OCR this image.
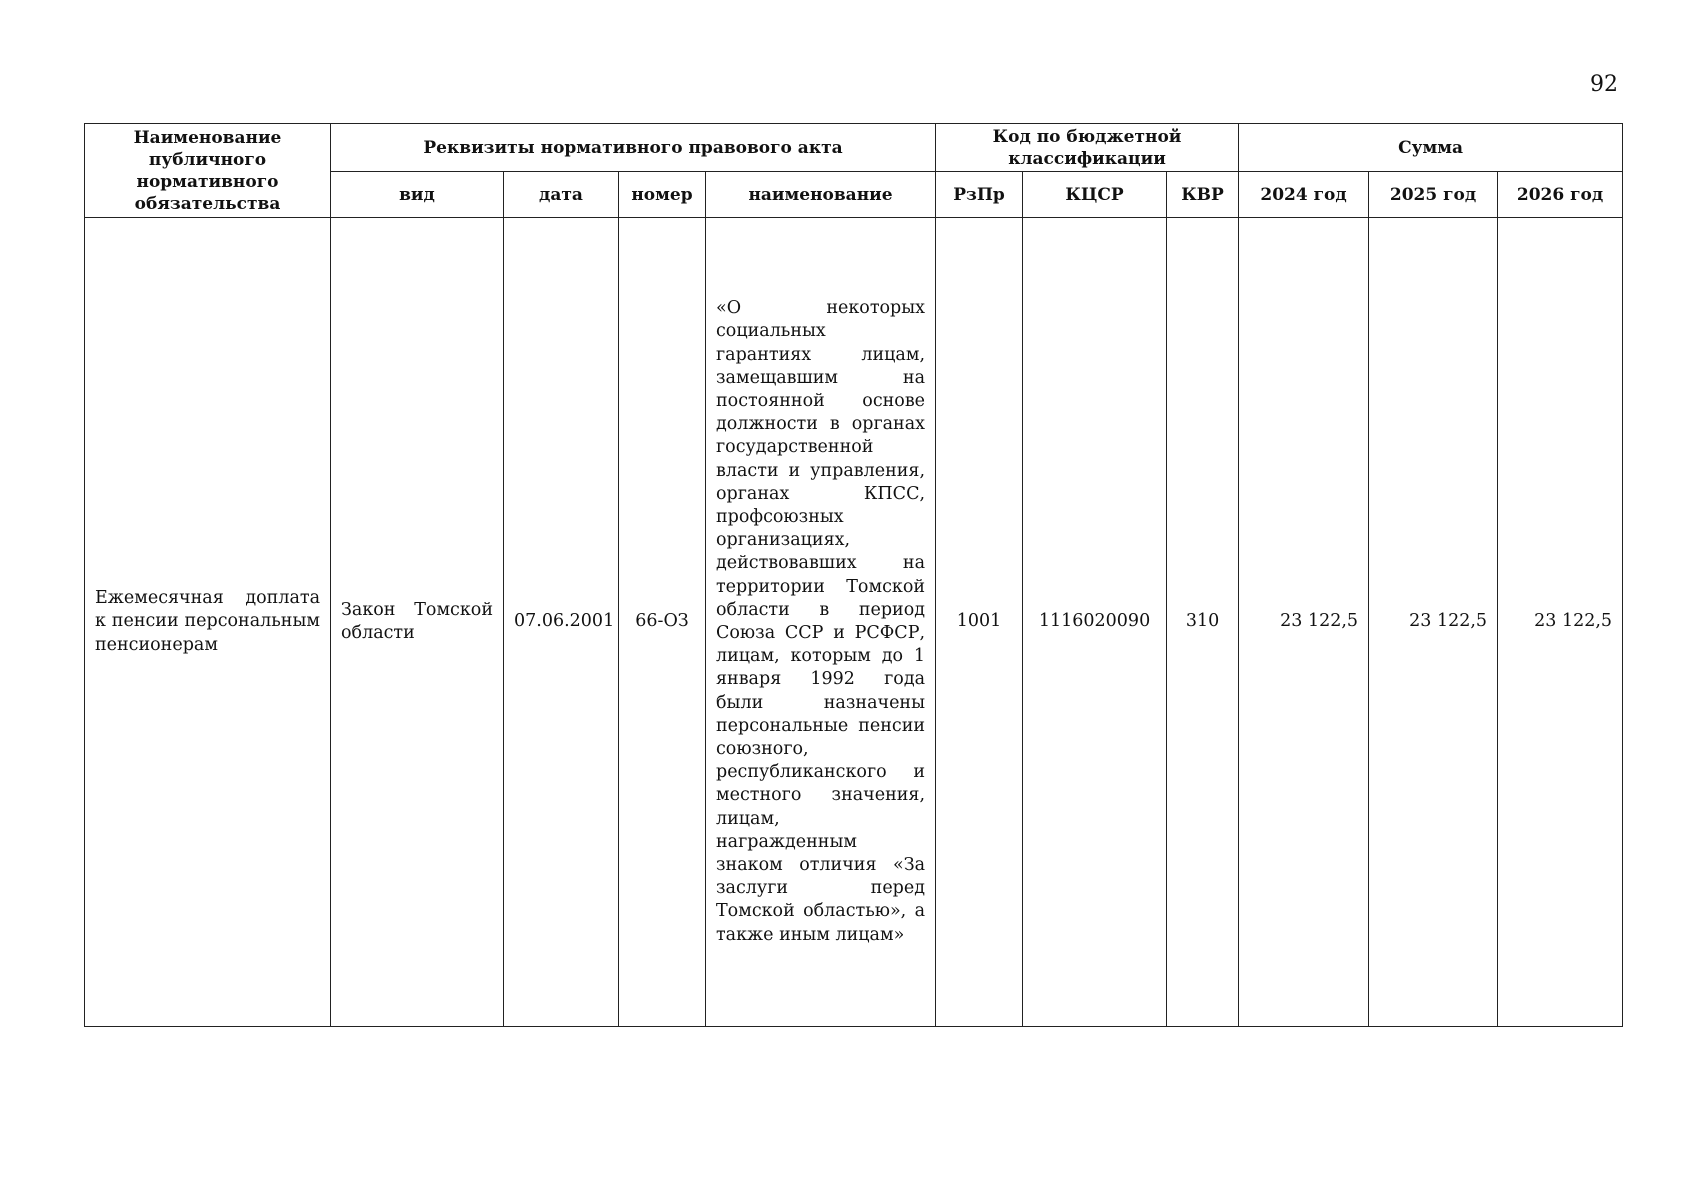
92
Наименование публичного нормативного обязательства	Реквизиты нормативного правового акта				Код по бюджетной классификации			Сумма		
	вид	дата	номер	наименование	РзПр	КЦСР	КВР	2024 год	2025 год	2026 год
Ежемесячная доплата к пенсии персональным пенсионерам	Закон Томской области	07.06.2001	66-ОЗ	«О некоторых социальных гарантиях лицам, замещавшим на постоянной основе должности в органах государственной власти и управления, органах КПСС, профсоюзных организациях, действовавших на территории Томской области в период Союза ССР и РСФСР, лицам, которым до 1 января 1992 года были назначены персональные пенсии союзного, республиканского и местного значения, лицам, награжденным знаком отличия «За заслуги перед Томской областью», а также иным лицам»	1001	1116020090	310	23 122,5	23 122,5	23 122,5
